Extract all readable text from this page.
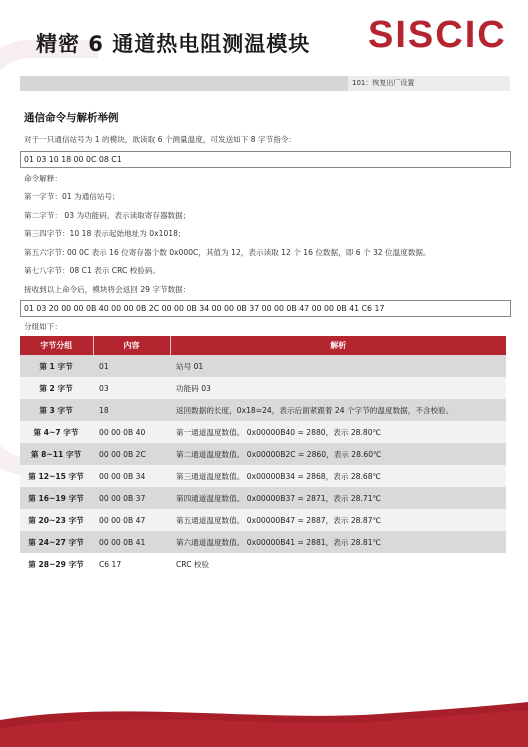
精密 6 通道热电阻测温模块 SISCIC
101：恢复出厂设置
通信命令与解析举例
对于一只通信站号为 1 的模块，欲读取 6 个测量温度，可发送如下 8 字节指令：
01 03 10 18 00 0C 08 C1
命令解释：
第一字节：01 为通信站号；
第二字节： 03 为功能码，表示读取寄存器数据；
第三四字节：10 18 表示起始地址为 0x1018；
第五六字节: 00 0C 表示 16 位寄存器个数 0x000C，其值为 12，表示读取 12 个 16 位数据，即 6 个 32 位温度数据。
第七八字节：08 C1 表示 CRC 校验码。
接收到以上命令后，模块将会返回 29 字节数据：
01 03 20 00 00 0B 40 00 00 0B 2C 00 00 0B 34 00 00 0B 37 00 00 0B 47 00 00 0B 41 C6 17
分组如下：
字节分组	内容	解析
第 1 字节	01	站号 01
第 2 字节	03	功能码 03
第 3 字节	18	返回数据的长度，0x18=24，表示后面紧跟着 24 个字节的温度数据，不含校验。
第 4~7 字节	00 00 0B 40	第一通道温度数值。 0x00000B40 = 2880，表示 28.80℃
第 8~11 字节	00 00 0B 2C	第二通道温度数值。 0x00000B2C = 2860，表示 28.60℃
第 12~15 字节	00 00 0B 34	第三通道温度数值。 0x00000B34 = 2868，表示 28.68℃
第 16~19 字节	00 00 0B 37	第四通道温度数值。 0x00000B37 = 2871，表示 28.71℃
第 20~23 字节	00 00 0B 47	第五通道温度数值。 0x00000B47 = 2887，表示 28.87℃
第 24~27 字节	00 00 0B 41	第六通道温度数值。 0x00000B41 = 2881，表示 28.81℃
第 28~29 字节	C6 17	CRC 校验
